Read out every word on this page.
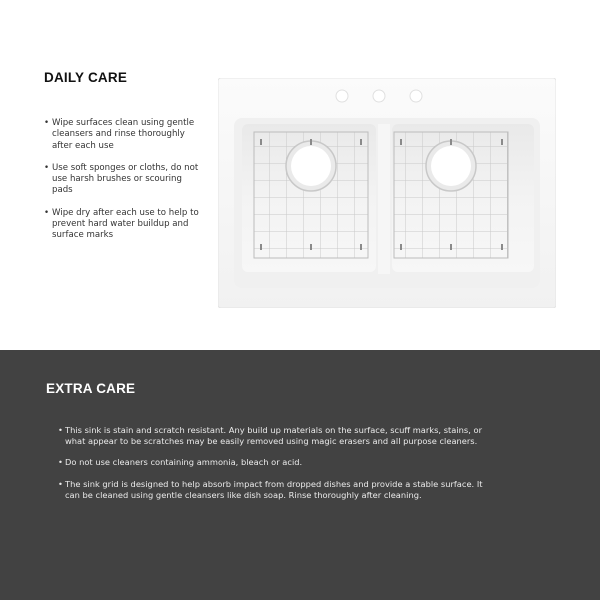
DAILY CARE
• Wipe surfaces clean using gentle cleansers and rinse thoroughly after each use
• Use soft sponges or cloths, do not use harsh brushes or scouring pads
• Wipe dry after each use to help to prevent hard water buildup and surface marks
EXTRA CARE
• This sink is stain and scratch resistant. Any build up materials on the surface, scuff marks, stains, or what appear to be scratches may be easily removed using magic erasers and all purpose cleaners.
• Do not use cleaners containing ammonia, bleach or acid.
• The sink grid is designed to help absorb impact from dropped dishes and provide a stable surface. It can be cleaned using gentle cleansers like dish soap. Rinse thoroughly after cleaning.
